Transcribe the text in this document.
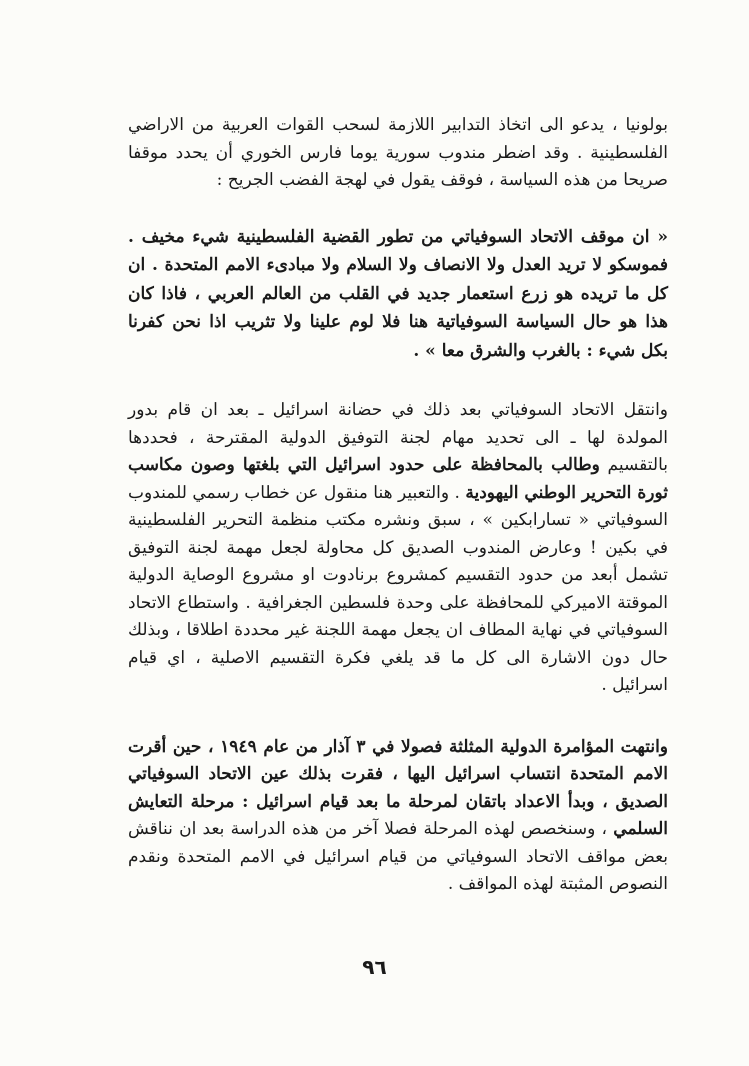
بولونيا ، يدعو الى اتخاذ التدابير اللازمة لسحب القوات العربية من الاراضي الفلسطينية . وقد اضطر مندوب سورية يوما فارس الخوري أن يحدد موقفا صريحا من هذه السياسة ، فوقف يقول في لهجة الفضب الجريح :

« ان موقف الاتحاد السوفياتي من تطور القضية الفلسطينية شيء مخيف . فموسكو لا تريد العدل ولا الانصاف ولا السلام ولا مبادىء الامم المتحدة . ان كل ما تريده هو زرع استعمار جديد في القلب من العالم العربي ، فاذا كان هذا هو حال السياسة السوفياتية هنا فلا لوم علينا ولا تثريب اذا نحن كفرنا بكل شيء : بالغرب والشرق معا » .

وانتقل الاتحاد السوفياتي بعد ذلك في حضانة اسرائيل ـ بعد ان قام بدور المولدة لها ـ الى تحديد مهام لجنة التوفيق الدولية المقترحة ، فحددها بالتقسيم وطالب بالمحافظة على حدود اسرائيل التي بلغتها وصون مكاسب ثورة التحرير الوطني اليهودية . والتعبير هنا منقول عن خطاب رسمي للمندوب السوفياتي « تسارابكين » ، سبق ونشره مكتب منظمة التحرير الفلسطينية في بكين ! وعارض المندوب الصديق كل محاولة لجعل مهمة لجنة التوفيق تشمل أبعد من حدود التقسيم كمشروع برنادوت او مشروع الوصاية الدولية الموقتة الاميركي للمحافظة على وحدة فلسطين الجغرافية . واستطاع الاتحاد السوفياتي في نهاية المطاف ان يجعل مهمة اللجنة غير محددة اطلاقا ، وبذلك حال دون الاشارة الى كل ما قد يلغي فكرة التقسيم الاصلية ، اي قيام اسرائيل .

وانتهت المؤامرة الدولية المثلثة فصولا في ٣ آذار من عام ١٩٤٩ ، حين أقرت الامم المتحدة انتساب اسرائيل اليها ، فقرت بذلك عين الاتحاد السوفياتي الصديق ، وبدأ الاعداد باتقان لمرحلة ما بعد قيام اسرائيل : مرحلة التعايش السلمي ، وسنخصص لهذه المرحلة فصلا آخر من هذه الدراسة بعد ان نناقش بعض مواقف الاتحاد السوفياتي من قيام اسرائيل في الامم المتحدة ونقدم النصوص المثبتة لهذه المواقف .

٩٦
